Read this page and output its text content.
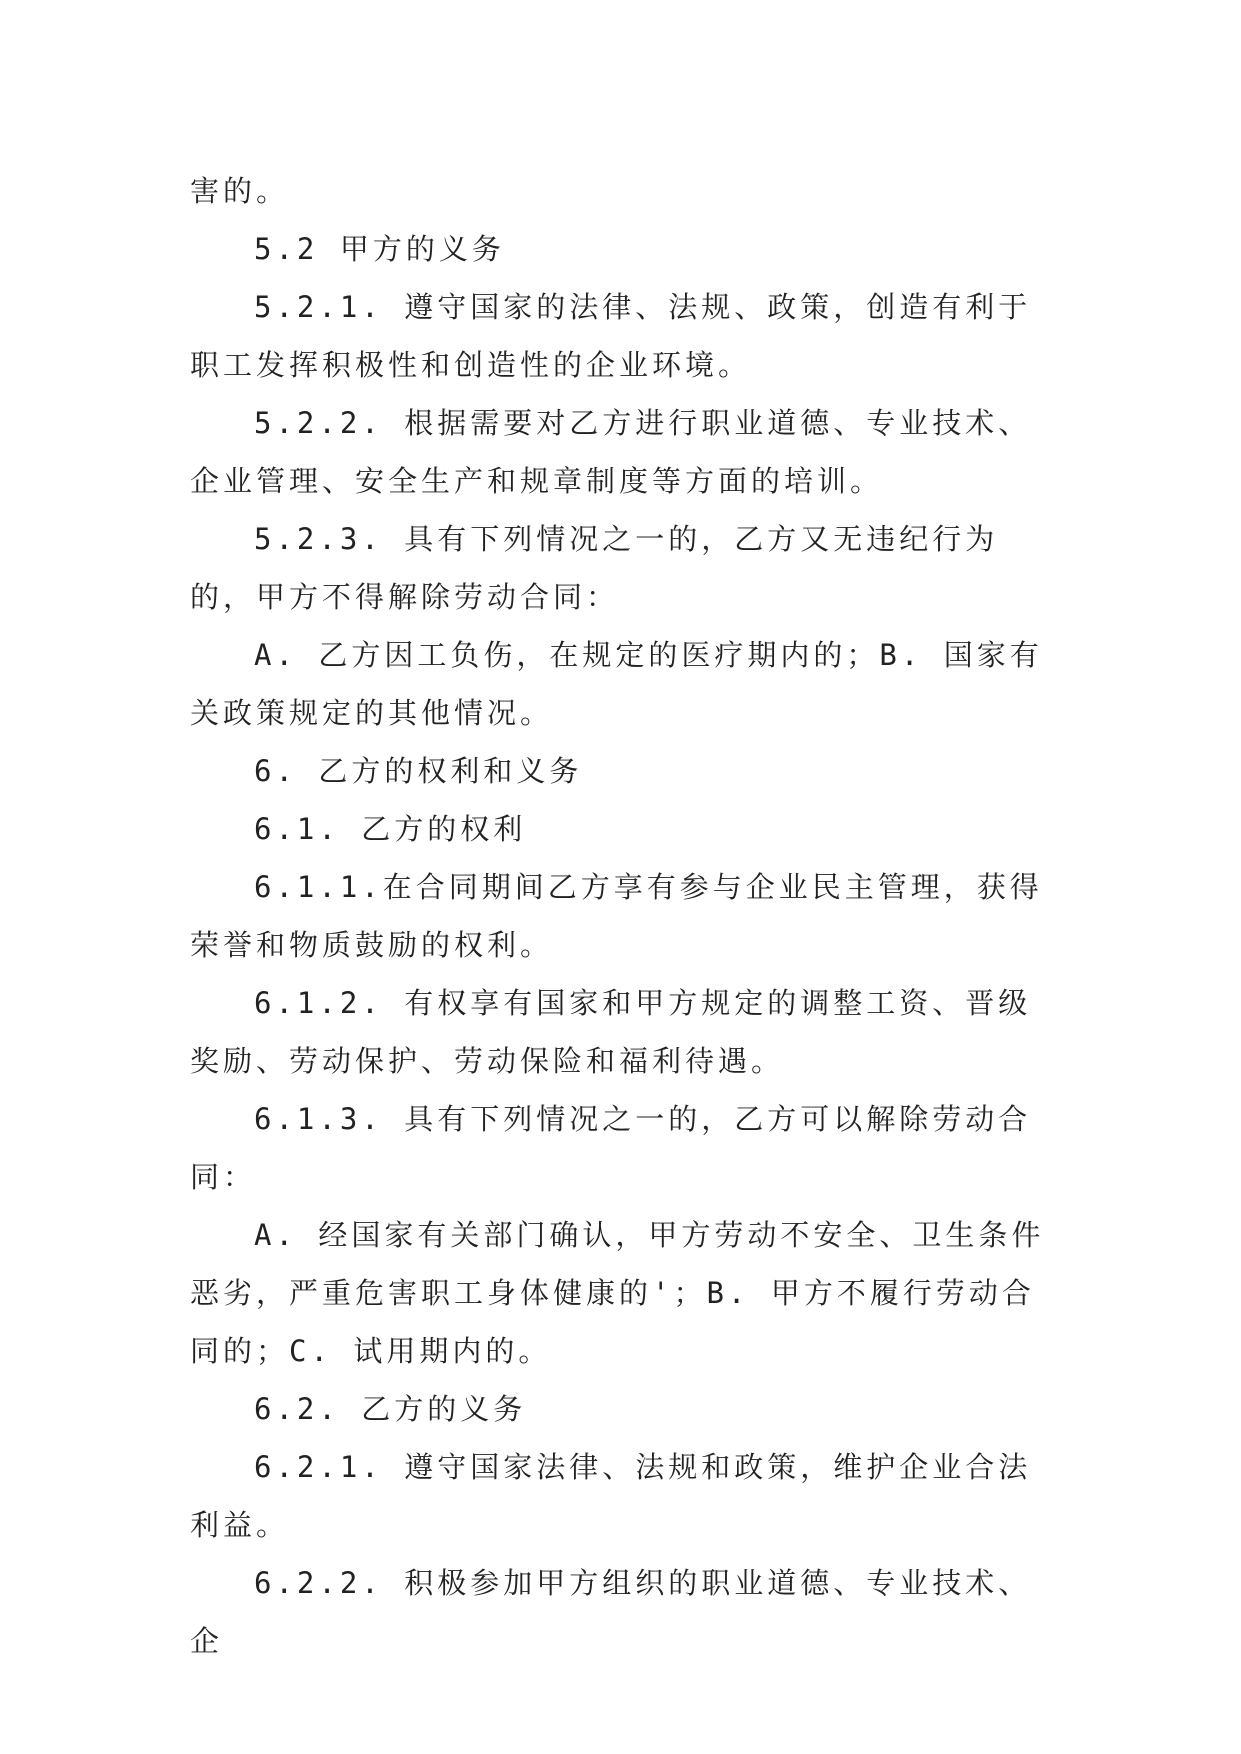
害的。

5.2 甲方的义务

5.2.1. 遵守国家的法律、法规、政策，创造有利于职工发挥积极性和创造性的企业环境。

5.2.2. 根据需要对乙方进行职业道德、专业技术、企业管理、安全生产和规章制度等方面的培训。

5.2.3. 具有下列情况之一的，乙方又无违纪行为的，甲方不得解除劳动合同：

A. 乙方因工负伤，在规定的医疗期内的；B. 国家有关政策规定的其他情况。

6. 乙方的权利和义务

6.1. 乙方的权利

6.1.1.在合同期间乙方享有参与企业民主管理，获得荣誉和物质鼓励的权利。

6.1.2. 有权享有国家和甲方规定的调整工资、晋级奖励、劳动保护、劳动保险和福利待遇。

6.1.3. 具有下列情况之一的，乙方可以解除劳动合同：

A. 经国家有关部门确认，甲方劳动不安全、卫生条件恶劣，严重危害职工身体健康的'；B. 甲方不履行劳动合同的；C. 试用期内的。

6.2. 乙方的义务

6.2.1. 遵守国家法律、法规和政策，维护企业合法利益。

6.2.2. 积极参加甲方组织的职业道德、专业技术、企
